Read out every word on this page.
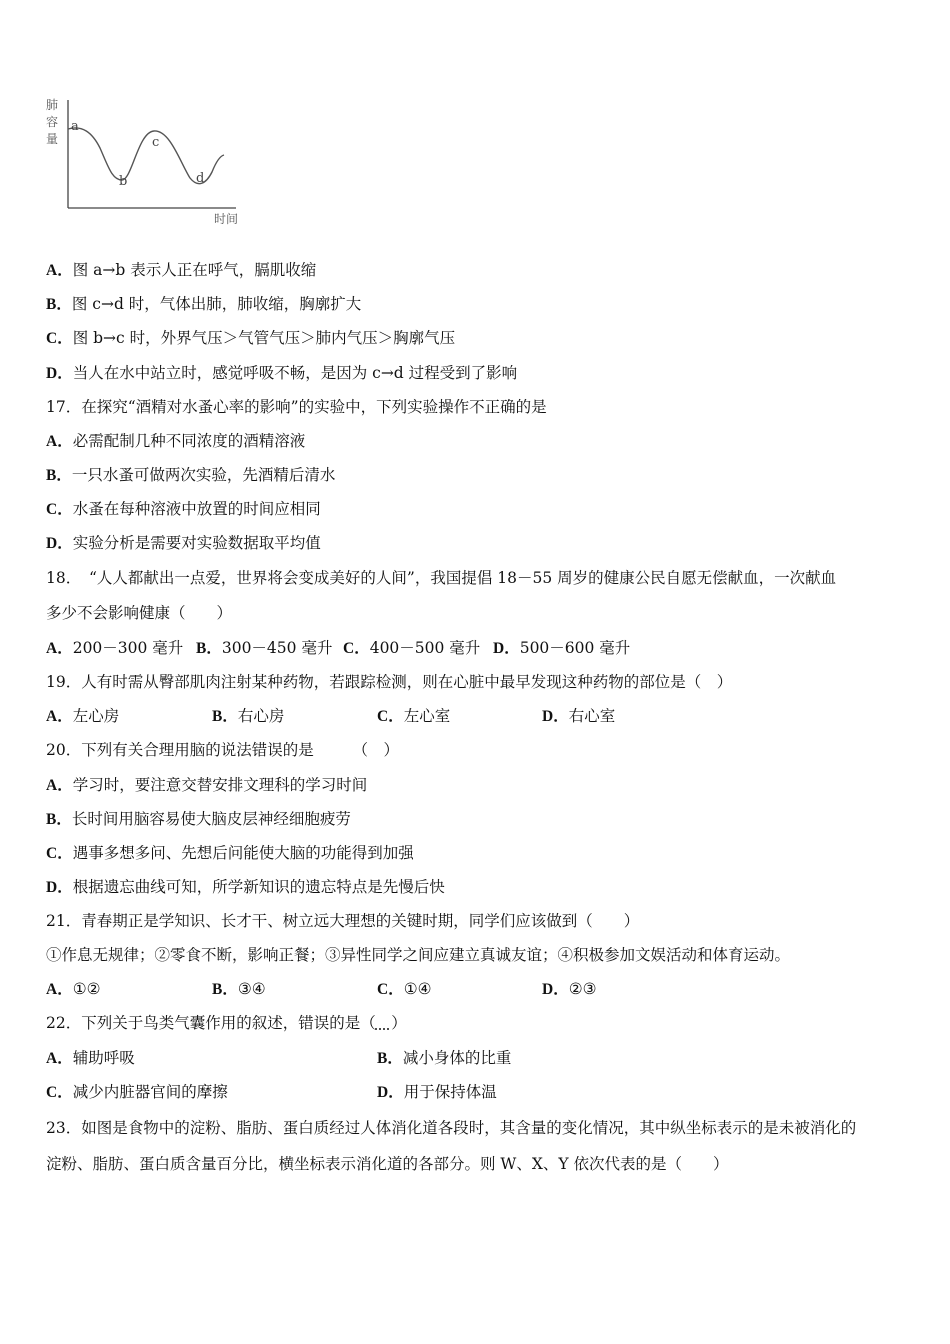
肺
容
量
a
b
c
d
时间
A．图 a→b 表示人正在呼气，膈肌收缩
B．图 c→d 时，气体出肺，肺收缩，胸廓扩大
C．图 b→c 时，外界气压＞气管气压＞肺内气压＞胸廓气压
D．当人在水中站立时，感觉呼吸不畅，是因为 c→d 过程受到了影响
17．在探究“酒精对水蚤心率的影响”的实验中，下列实验操作不正确的是
A．必需配制几种不同浓度的酒精溶液
B．一只水蚤可做两次实验，先酒精后清水
C．水蚤在每种溶液中放置的时间应相同
D．实验分析是需要对实验数据取平均值
18．　“人人都献出一点爱，世界将会变成美好的人间”，我国提倡 18－55 周岁的健康公民自愿无偿献血，一次献血
多少不会影响健康（　　）
A．200－300 毫升 B．300－450 毫升 C．400－500 毫升 D．500－600 毫升
19．人有时需从臀部肌肉注射某种药物，若跟踪检测，则在心脏中最早发现这种药物的部位是（　）
A．左心房	B．右心房	C．左心室	D．右心室
20．下列有关合理用脑的说法错误的是　　　（　）
A．学习时，要注意交替安排文理科的学习时间
B．长时间用脑容易使大脑皮层神经细胞疲劳
C．遇事多想多问、先想后问能使大脑的功能得到加强
D．根据遗忘曲线可知，所学新知识的遗忘特点是先慢后快
21．青春期正是学知识、长才干、树立远大理想的关键时期，同学们应该做到（　　）
①作息无规律；②零食不断，影响正餐；③异性同学之间应建立真诚友谊；④积极参加文娱活动和体育运动。
A．①②	B．③④	C．①④	D．②③
22．下列关于鸟类气囊作用的叙述，错误的是（　 ）
A．辅助呼吸	B．减小身体的比重
C．减少内脏器官间的摩擦	D．用于保持体温
23．如图是食物中的淀粉、脂肪、蛋白质经过人体消化道各段时，其含量的变化情况，其中纵坐标表示的是未被消化的
淀粉、脂肪、蛋白质含量百分比，横坐标表示消化道的各部分。则 W、X、Y 依次代表的是（　　）
